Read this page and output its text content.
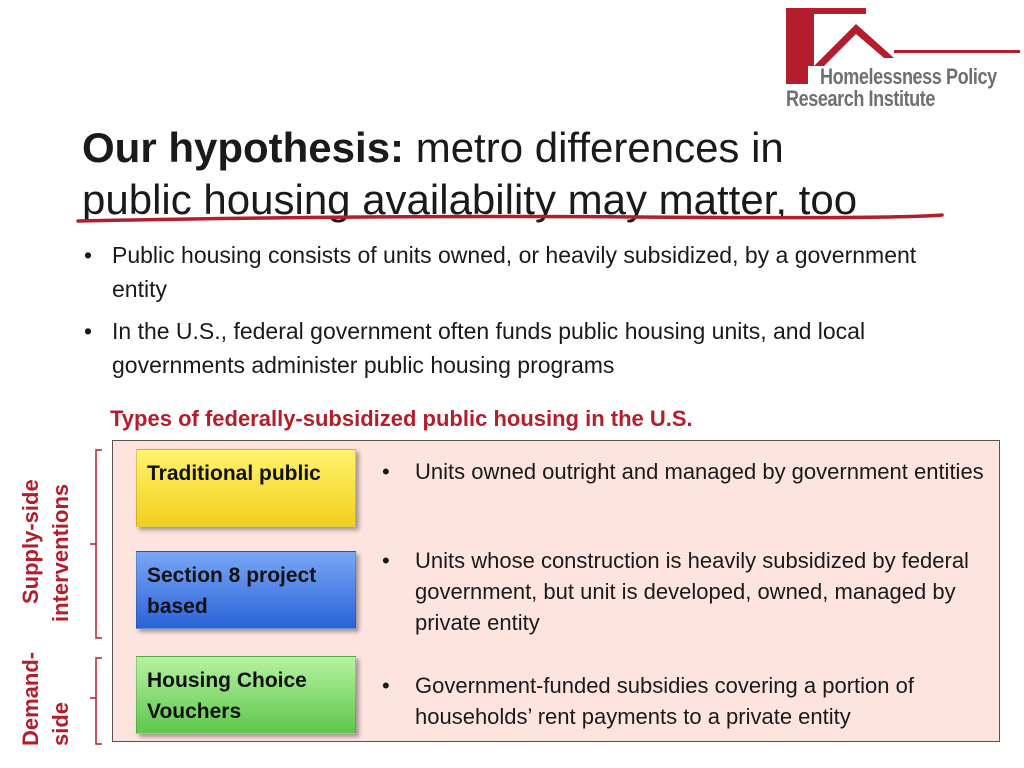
Homelessness Policy
Research Institute
Our hypothesis: metro differences in
public housing availability may matter, too
• Public housing consists of units owned, or heavily subsidized, by a government entity
• In the U.S., federal government often funds public housing units, and local governments administer public housing programs
Types of federally-subsidized public housing in the U.S.
Supply-side interventions
Demand- side
Traditional public
Section 8 project based
Housing Choice Vouchers
• Units owned outright and managed by government entities
• Units whose construction is heavily subsidized by federal government, but unit is developed, owned, managed by private entity
• Government-funded subsidies covering a portion of households’ rent payments to a private entity
